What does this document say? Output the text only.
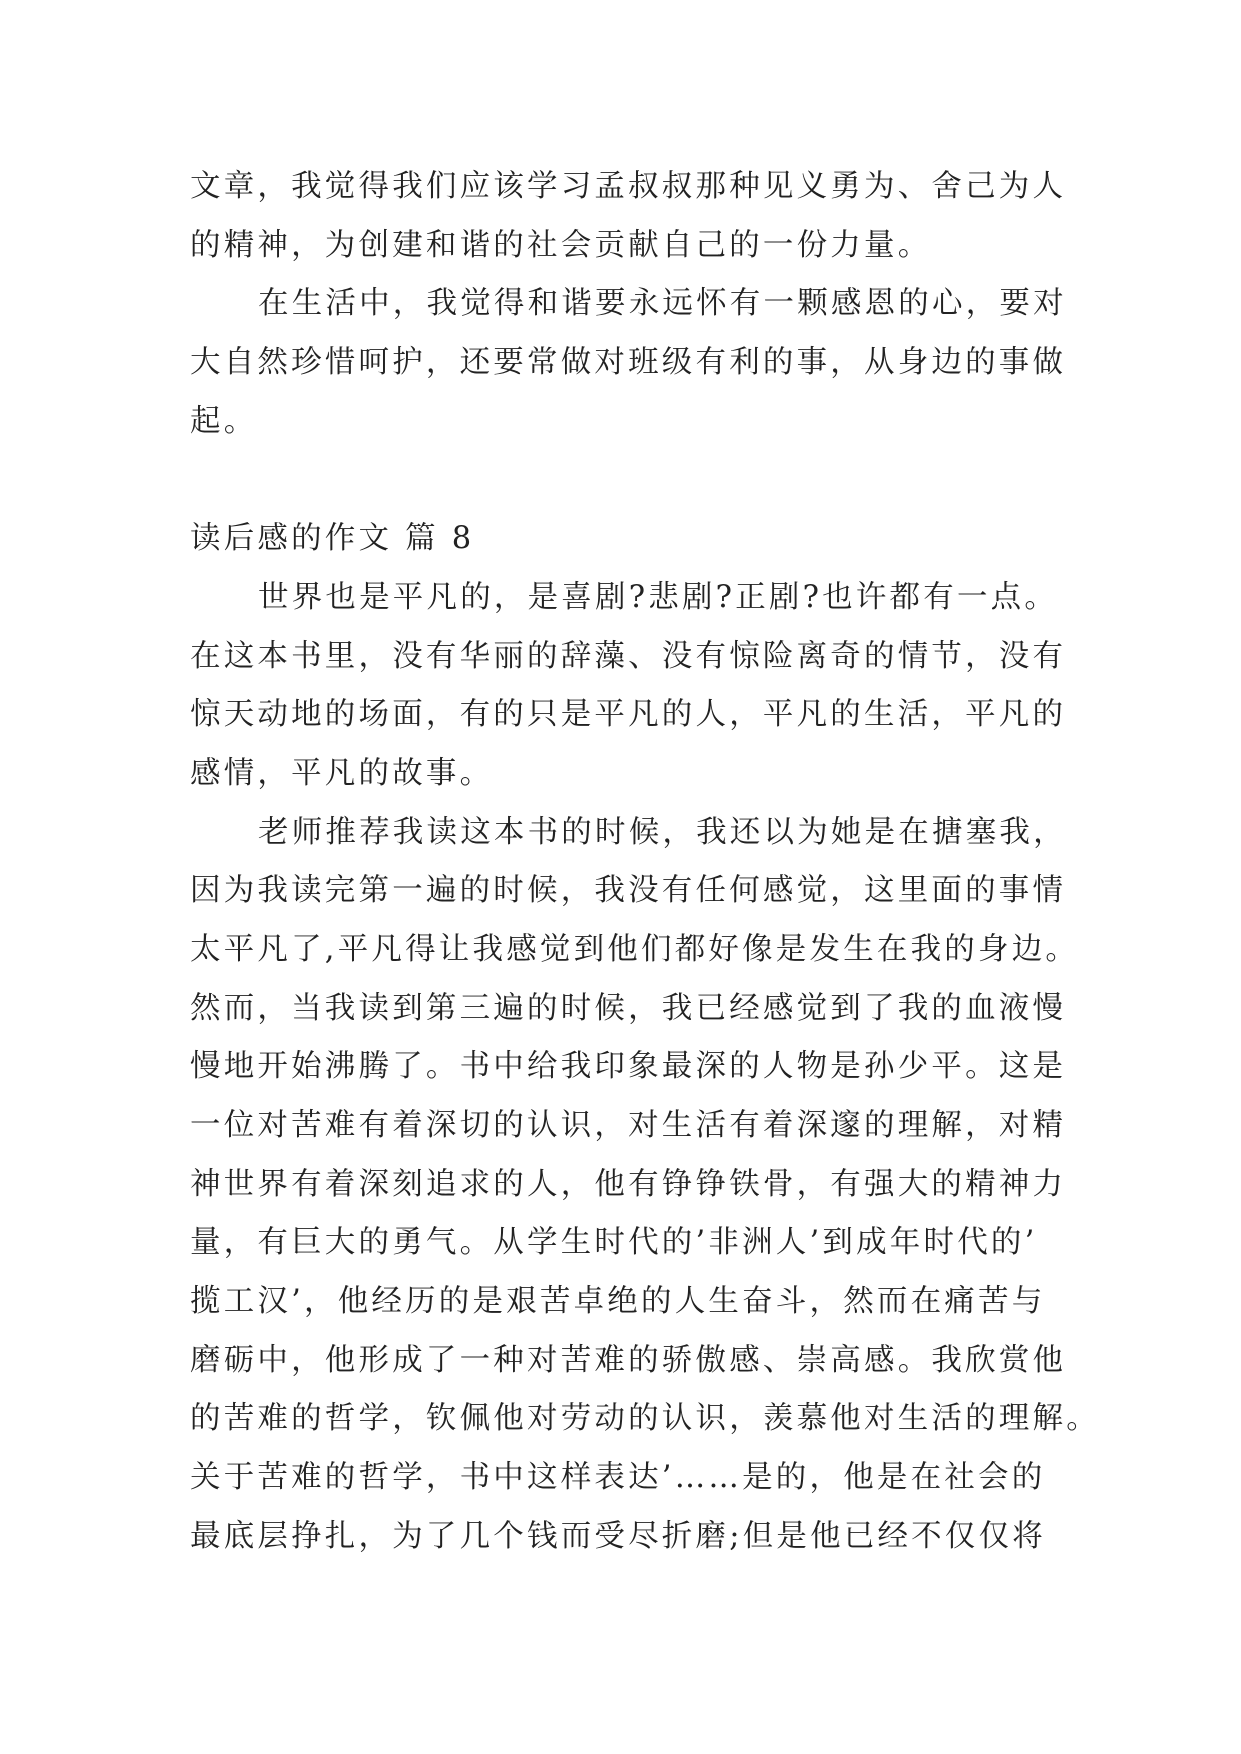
文章，我觉得我们应该学习孟叔叔那种见义勇为、舍己为人
的精神，为创建和谐的社会贡献自己的一份力量。
在生活中，我觉得和谐要永远怀有一颗感恩的心，要对
大自然珍惜呵护，还要常做对班级有利的事，从身边的事做
起。
读后感的作文 篇 8
世界也是平凡的，是喜剧?悲剧?正剧?也许都有一点。
在这本书里，没有华丽的辞藻、没有惊险离奇的情节，没有
惊天动地的场面，有的只是平凡的人，平凡的生活，平凡的
感情，平凡的故事。
老师推荐我读这本书的时候，我还以为她是在搪塞我，
因为我读完第一遍的时候，我没有任何感觉，这里面的事情
太平凡了,平凡得让我感觉到他们都好像是发生在我的身边。
然而，当我读到第三遍的时候，我已经感觉到了我的血液慢
慢地开始沸腾了。书中给我印象最深的人物是孙少平。这是
一位对苦难有着深切的认识，对生活有着深邃的理解，对精
神世界有着深刻追求的人，他有铮铮铁骨，有强大的精神力
量，有巨大的勇气。从学生时代的’非洲人’到成年时代的’
揽工汉’，他经历的是艰苦卓绝的人生奋斗，然而在痛苦与
磨砺中，他形成了一种对苦难的骄傲感、崇高感。我欣赏他
的苦难的哲学，钦佩他对劳动的认识，羡慕他对生活的理解。
关于苦难的哲学，书中这样表达’……是的，他是在社会的
最底层挣扎，为了几个钱而受尽折磨;但是他已经不仅仅将
